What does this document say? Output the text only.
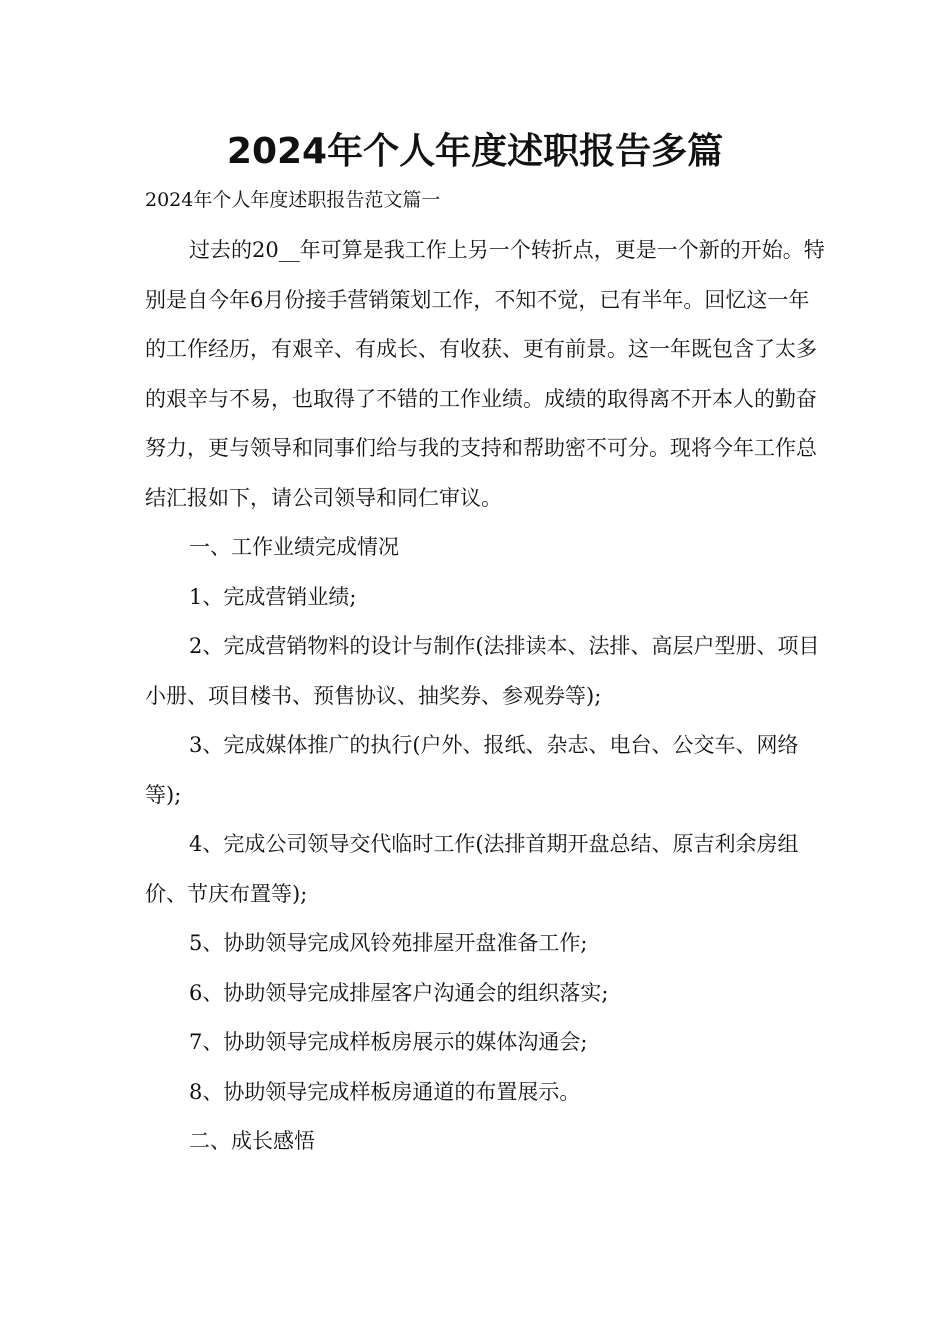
2024年个人年度述职报告多篇
2024年个人年度述职报告范文篇一

过去的20__年可算是我工作上另一个转折点，更是一个新的开始。特别是自今年6月份接手营销策划工作，不知不觉，已有半年。回忆这一年的工作经历，有艰辛、有成长、有收获、更有前景。这一年既包含了太多的艰辛与不易，也取得了不错的工作业绩。成绩的取得离不开本人的勤奋努力，更与领导和同事们给与我的支持和帮助密不可分。现将今年工作总结汇报如下，请公司领导和同仁审议。

一、工作业绩完成情况

1、完成营销业绩;

2、完成营销物料的设计与制作(法排读本、法排、高层户型册、项目小册、项目楼书、预售协议、抽奖券、参观券等);

3、完成媒体推广的执行(户外、报纸、杂志、电台、公交车、网络等);

4、完成公司领导交代临时工作(法排首期开盘总结、原吉利余房组价、节庆布置等);

5、协助领导完成风铃苑排屋开盘准备工作;

6、协助领导完成排屋客户沟通会的组织落实;

7、协助领导完成样板房展示的媒体沟通会;

8、协助领导完成样板房通道的布置展示。

二、成长感悟
